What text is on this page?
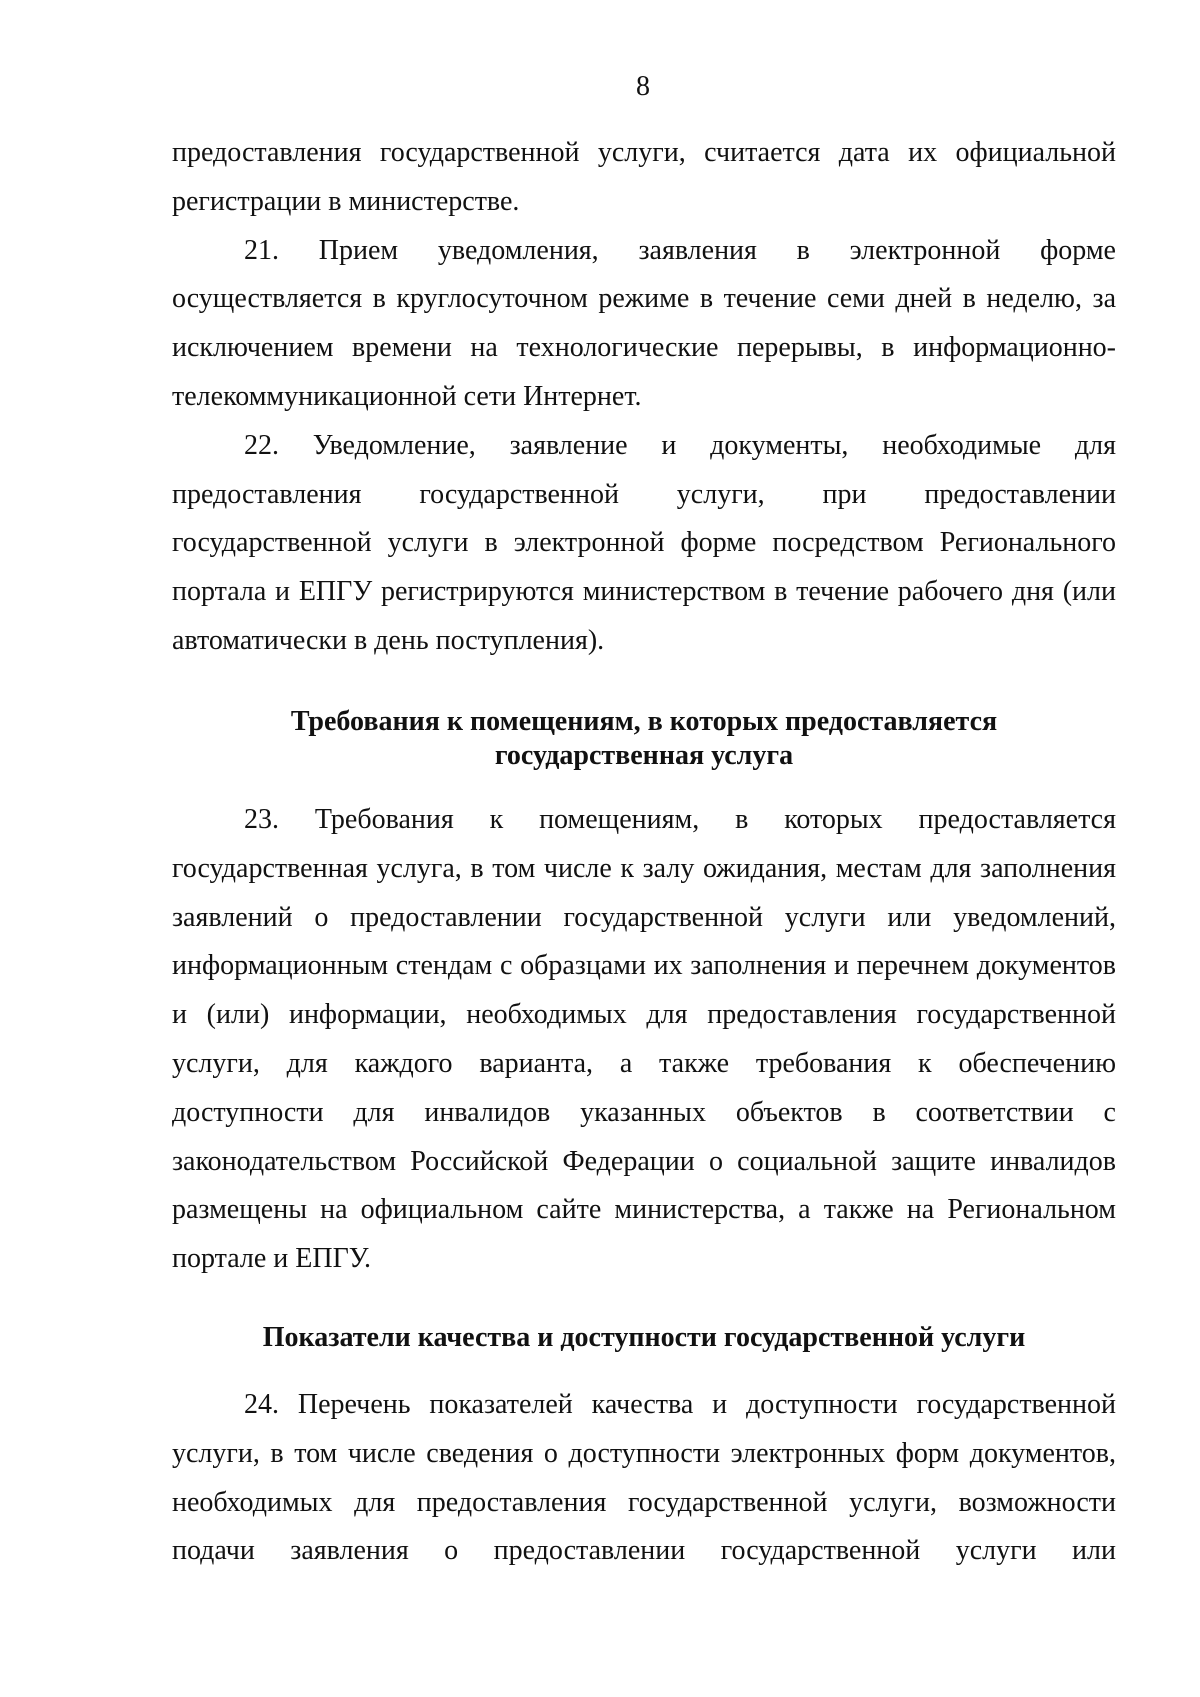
8

предоставления государственной услуги, считается дата их официальной регистрации в министерстве.

21. Прием уведомления, заявления в электронной форме осуществляется в круглосуточном режиме в течение семи дней в неделю, за исключением времени на технологические перерывы, в информационно-телекоммуникационной сети Интернет.

22. Уведомление, заявление и документы, необходимые для предоставления государственной услуги, при предоставлении государственной услуги в электронной форме посредством Регионального портала и ЕПГУ регистрируются министерством в течение рабочего дня (или автоматически в день поступления).

Требования к помещениям, в которых предоставляется
государственная услуга

23. Требования к помещениям, в которых предоставляется государственная услуга, в том числе к залу ожидания, местам для заполнения заявлений о предоставлении государственной услуги или уведомлений, информационным стендам с образцами их заполнения и перечнем документов и (или) информации, необходимых для предоставления государственной услуги, для каждого варианта, а также требования к обеспечению доступности для инвалидов указанных объектов в соответствии с законодательством Российской Федерации о социальной защите инвалидов размещены на официальном сайте министерства, а также на Региональном портале и ЕПГУ.

Показатели качества и доступности государственной услуги

24. Перечень показателей качества и доступности государственной услуги, в том числе сведения о доступности электронных форм документов, необходимых для предоставления государственной услуги, возможности подачи заявления о предоставлении государственной услуги или
